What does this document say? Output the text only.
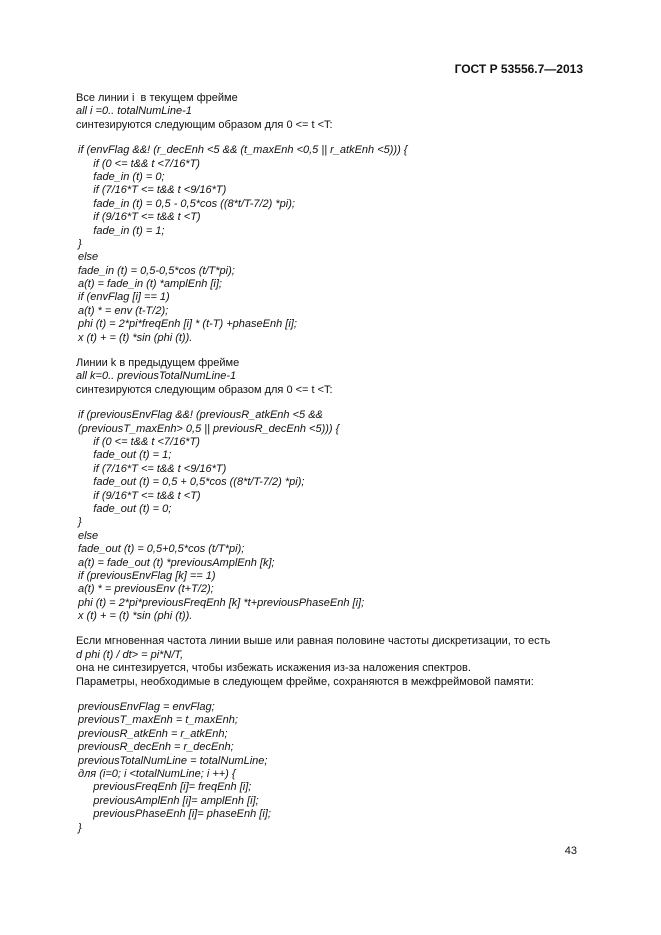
ГОСТ Р 53556.7—2013
Все линии i  в текущем фрейме
all i =0.. totalNumLine-1
синтезируются следующим образом для 0 <= t <T:
if (envFlag &&! (r_decEnh <5 && (t_maxEnh <0,5 || r_atkEnh <5))) {
if (0 <= t&& t <7/16*T)
fade_in (t) = 0;
if (7/16*T <= t&& t <9/16*T)
fade_in (t) = 0,5 - 0,5*cos ((8*t/T-7/2) *pi);
if (9/16*T <= t&& t <T)
fade_in (t) = 1;
}
else
fade_in (t) = 0,5-0,5*cos (t/T*pi);
a(t) = fade_in (t) *amplEnh [i];
if (envFlag [i] == 1)
a(t) * = env (t-T/2);
phi (t) = 2*pi*freqEnh [i] * (t-T) +phaseEnh [i];
x (t) + = (t) *sin (phi (t)).
Линии k в предыдущем фрейме
all k=0.. previousTotalNumLine-1
синтезируются следующим образом для 0 <= t <T:
if (previousEnvFlag &&! (previousR_atkEnh <5 &&
(previousT_maxEnh> 0,5 || previousR_decEnh <5))) {
if (0 <= t&& t <7/16*T)
fade_out (t) = 1;
if (7/16*T <= t&& t <9/16*T)
fade_out (t) = 0,5 + 0,5*cos ((8*t/T-7/2) *pi);
if (9/16*T <= t&& t <T)
fade_out (t) = 0;
}
else
fade_out (t) = 0,5+0,5*cos (t/T*pi);
a(t) = fade_out (t) *previousAmplEnh [k];
if (previousEnvFlag [k] == 1)
a(t) * = previousEnv (t+T/2);
phi (t) = 2*pi*previousFreqEnh [k] *t+previousPhaseEnh [i];
x (t) + = (t) *sin (phi (t)).
Если мгновенная частота линии выше или равная половине частоты дискретизации, то есть
d phi (t) / dt> = pi*N/T,
она не синтезируется, чтобы избежать искажения из-за наложения спектров.
Параметры, необходимые в следующем фрейме, сохраняются в межфреймовой памяти:
previousEnvFlag = envFlag;
previousT_maxEnh = t_maxEnh;
previousR_atkEnh = r_atkEnh;
previousR_decEnh = r_decEnh;
previousTotalNumLine = totalNumLine;
для (i=0; i <totalNumLine; i ++) {
previousFreqEnh [i]= freqEnh [i];
previousAmplEnh [i]= amplEnh [i];
previousPhaseEnh [i]= phaseEnh [i];
}
43
